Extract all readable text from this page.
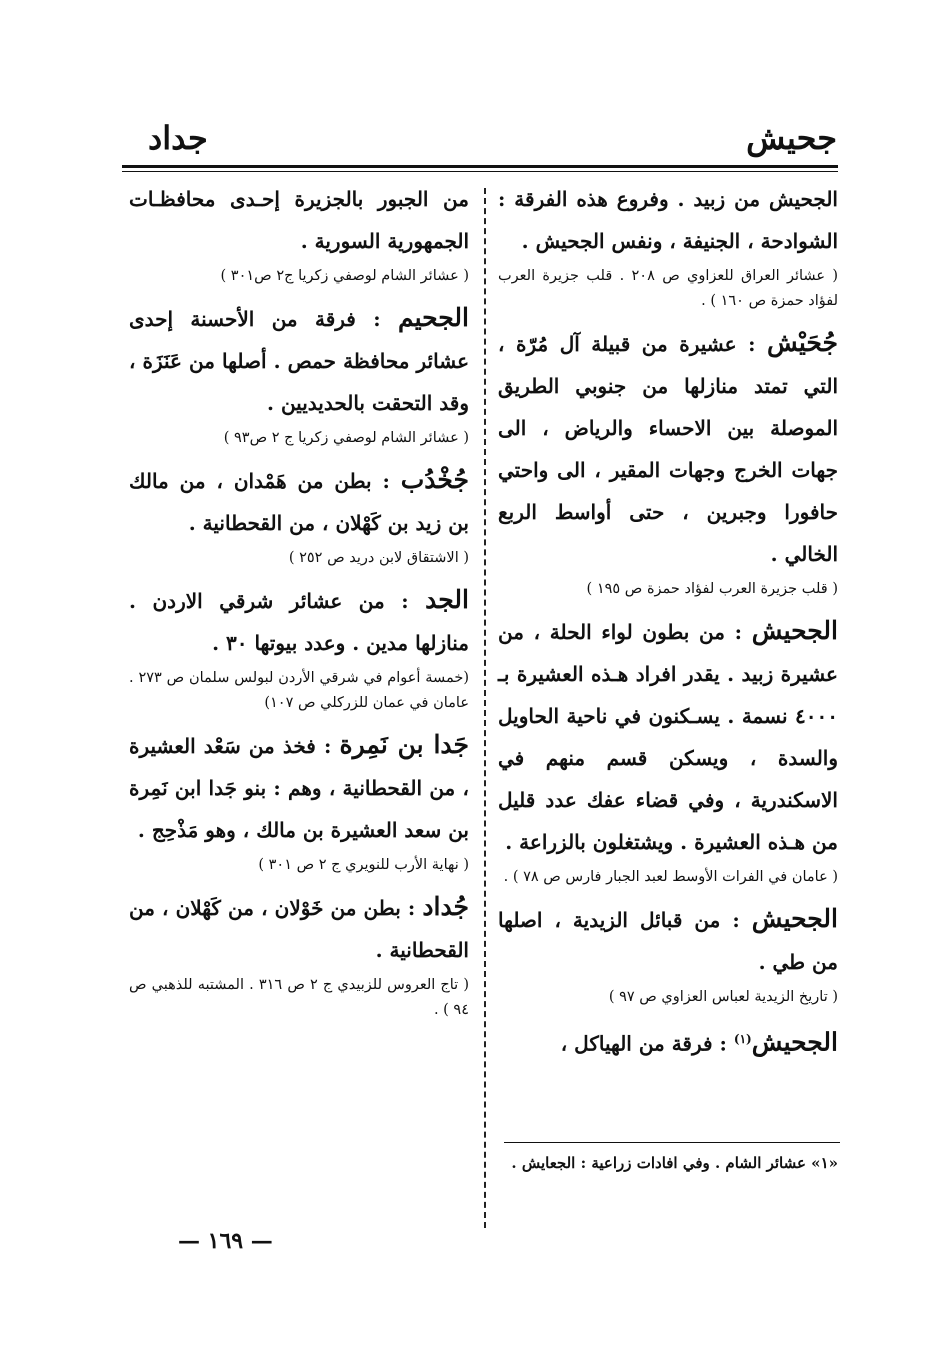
جحيش
جداد

الجحيش من زبيد . وفروع هذه الفرقة : الشوادحة ، الجنيفة ، ونفس الجحيش .

( عشائر العراق للعزاوي ص ٢٠٨ . قلب جزيرة العرب لفؤاد حمزة ص ١٦٠ ) .

جُحَيْش : عشيرة من قبيلة آل مُرّة ، التي تمتد منازلها من جنوبي الطريق الموصلة بين الاحساء والرياض ، الى جهات الخرج وجهات المقير ، الى واحتي حافورا وجبرين ، حتى أواسط الربع الخالي .

( قلب جزيرة العرب لفؤاد حمزة ص ١٩٥ )

الجحيش : من بطون لواء الحلة ، من عشيرة زبيد . يقدر افراد هـذه العشيرة بـ ٤٠٠٠ نسمة . يسـكنون في ناحية الحاويل والسدة ، ويسكن قسم منهم في الاسكندرية ، وفي قضاء عفك عدد قليل من هـذه العشيرة . ويشتغلون بالزراعة .

( عامان في الفرات الأوسط لعبد الجبار فارس ص ٧٨ ) .

الجحيش : من قبائل الزيدية ، اصلها من طي .

( تاريخ الزيدية لعباس العزاوي ص ٩٧ )

الجحيش$^{(١)}$ : فرقة من الهياكل ،

«١» عشائر الشام . وفي افادات زراعية : الجعايش .

من الجبور بالجزيرة إحـدى محافظـات الجمهورية السورية .

( عشائر الشام لوصفي زكريا ج٢ ص٣٠١ )

الجحيم : فرقة من الأحسنة إحدى عشائر محافظة حمص . أصلها من عَنَزَة ، وقد التحقت بالحديديين .

( عشائر الشام لوصفي زكريا ج ٢ ص٩٣ )

جُخْدُب : بطن من هَمْدان ، من مالك بن زيد بن كَهْلان ، من القحطانية .

( الاشتقاق لابن دريد ص ٢٥٢ )

الجد : من عشائر شرقي الاردن . منازلها مدين . وعدد بيوتها ٣٠ .

(خمسة أعوام في شرقي الأردن لبولس سلمان ص ٢٧٣ . عامان في عمان للزركلي ص ١٠٧)

جَدا بن نَمِرة : فخذ من سَعْد العشيرة ، من القحطانية ، وهم : بنو جَدا ابن نَمِرة بن سعد العشيرة بن مالك ، وهو مَذْحِج .

( نهاية الأرب للنويري ج ٢ ص ٣٠١ )

جُداد : بطن من خَوْلان ، من كَهْلان ، من القحطانية .

( تاج العروس للزبيدي ج ٢ ص ٣١٦ . المشتبه للذهبي ص ٩٤ ) .

— ١٦٩ —
